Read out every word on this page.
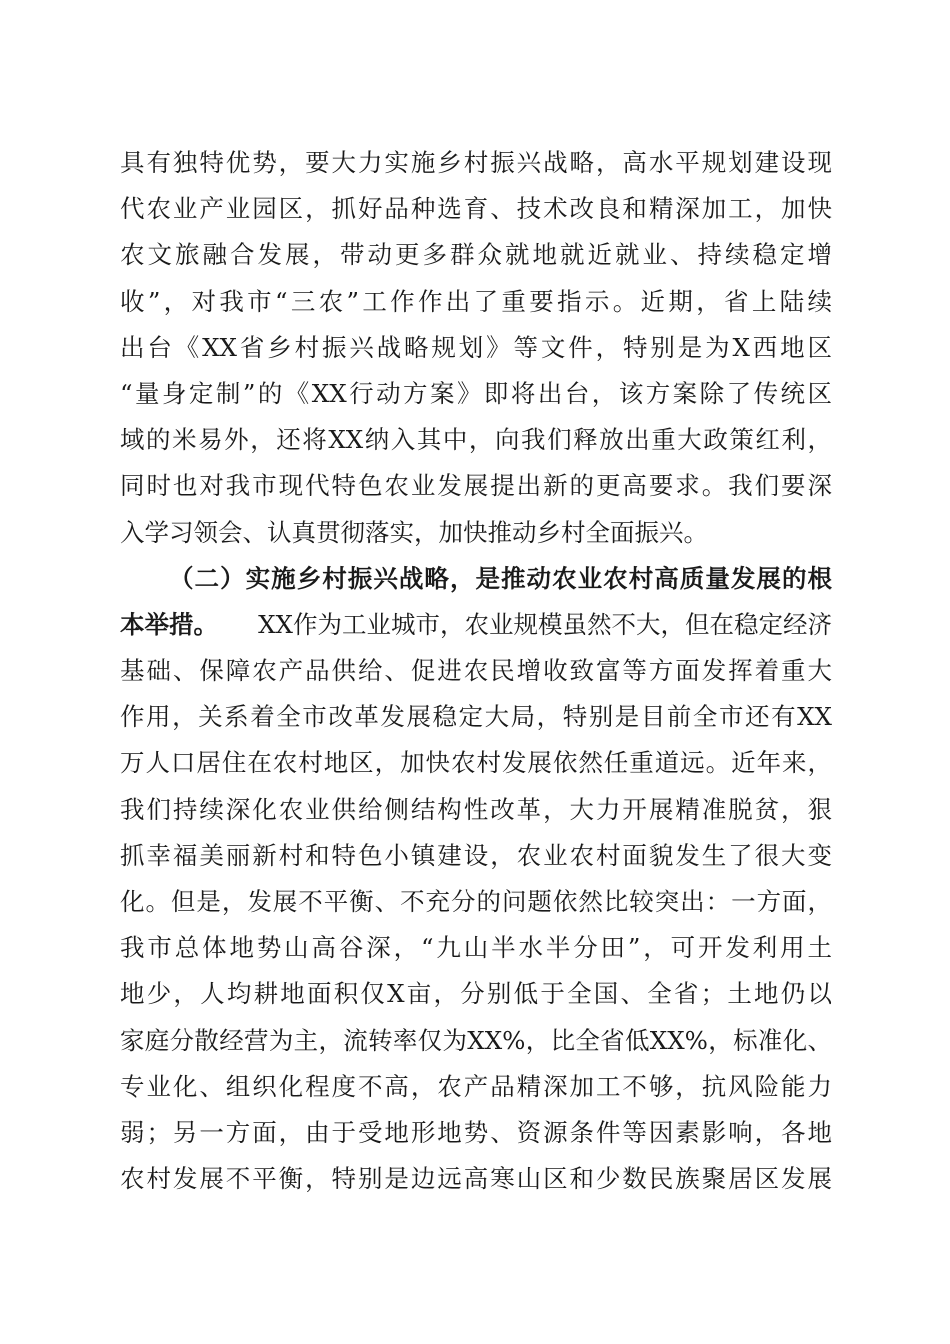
具有独特优势，要大力实施乡村振兴战略，高水平规划建设现
代农业产业园区，抓好品种选育、技术改良和精深加工，加快
农文旅融合发展，带动更多群众就地就近就业、持续稳定增
收”，对我市“三农”工作作出了重要指示。近期，省上陆续
出台《XX省乡村振兴战略规划》等文件，特别是为X西地区
“量身定制”的《XX行动方案》即将出台，该方案除了传统区
域的米易外，还将XX纳入其中，向我们释放出重大政策红利，
同时也对我市现代特色农业发展提出新的更高要求。我们要深
入学习领会、认真贯彻落实，加快推动乡村全面振兴。
（二）实施乡村振兴战略，是推动农业农村高质量发展的根
本举措。 XX作为工业城市，农业规模虽然不大，但在稳定经济
基础、保障农产品供给、促进农民增收致富等方面发挥着重大
作用，关系着全市改革发展稳定大局，特别是目前全市还有XX
万人口居住在农村地区，加快农村发展依然任重道远。近年来，
我们持续深化农业供给侧结构性改革，大力开展精准脱贫，狠
抓幸福美丽新村和特色小镇建设，农业农村面貌发生了很大变
化。但是，发展不平衡、不充分的问题依然比较突出：一方面，
我市总体地势山高谷深，“九山半水半分田”，可开发利用土
地少，人均耕地面积仅X亩，分别低于全国、全省；土地仍以
家庭分散经营为主，流转率仅为XX%，比全省低XX%，标准化、
专业化、组织化程度不高，农产品精深加工不够，抗风险能力
弱；另一方面，由于受地形地势、资源条件等因素影响，各地
农村发展不平衡，特别是边远高寒山区和少数民族聚居区发展
